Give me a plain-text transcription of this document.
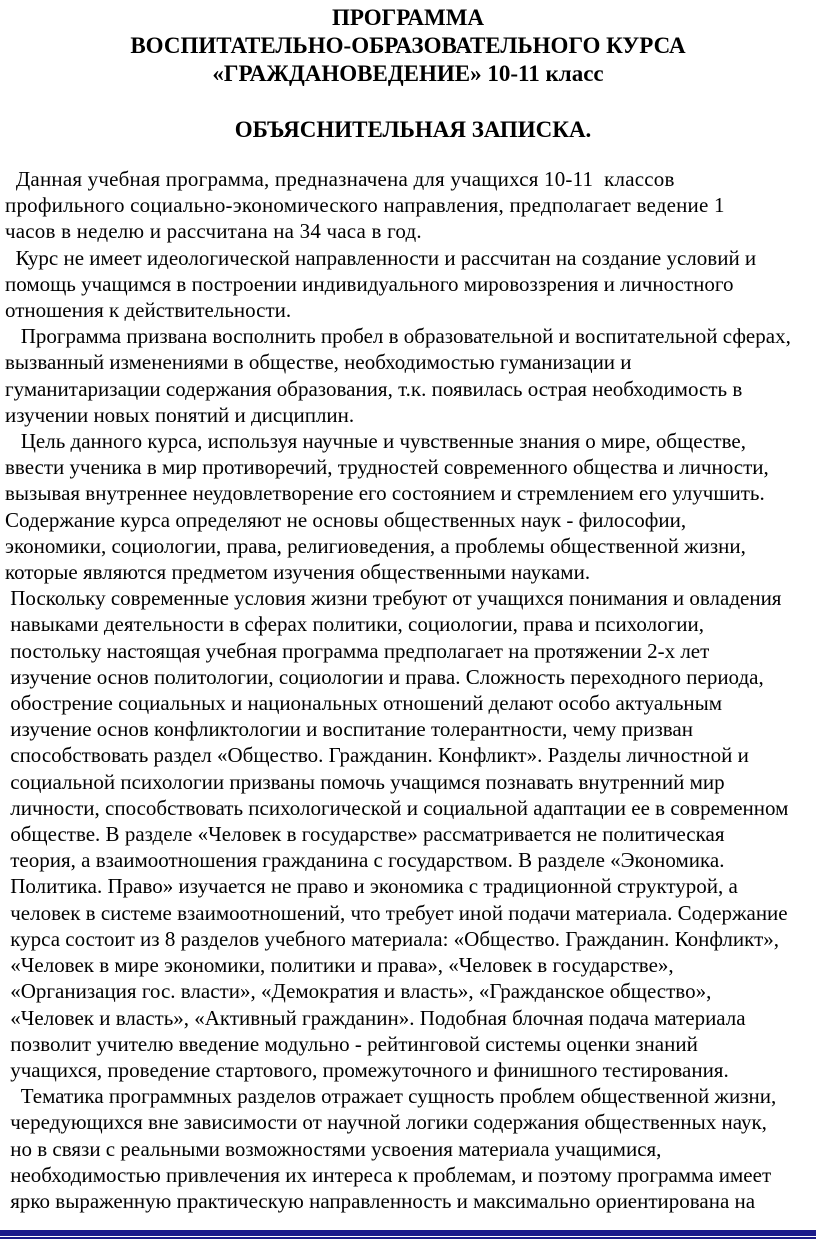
ПРОГРАММА
ВОСПИТАТЕЛЬНО-ОБРАЗОВАТЕЛЬНОГО КУРСА
«ГРАЖДАНОВЕДЕНИЕ» 10-11 класс
ОБЪЯСНИТЕЛЬНАЯ ЗАПИСКА.
Данная учебная программа, предназначена для учащихся 10-11  классов
профильного социально-экономического направления, предполагает ведение 1
часов в неделю и рассчитана на 34 часа в год.
Курс не имеет идеологической направленности и рассчитан на создание условий и
помощь учащимся в построении индивидуального мировоззрения и личностного
отношения к действительности.
Программа призвана восполнить пробел в образовательной и воспитательной сферах,
вызванный изменениями в обществе, необходимостью гуманизации и
гуманитаризации содержания образования, т.к. появилась острая необходимость в
изучении новых понятий и дисциплин.
Цель данного курса, используя научные и чувственные знания о мире, обществе,
ввести ученика в мир противоречий, трудностей современного общества и личности,
вызывая внутреннее неудовлетворение его состоянием и стремлением его улучшить.
Содержание курса определяют не основы общественных наук - философии,
экономики, социологии, права, религиоведения, а проблемы общественной жизни,
которые являются предметом изучения общественными науками.
Поскольку современные условия жизни требуют от учащихся понимания и овладения
навыками деятельности в сферах политики, социологии, права и психологии,
постольку настоящая учебная программа предполагает на протяжении 2-х лет
изучение основ политологии, социологии и права. Сложность переходного периода,
обострение социальных и национальных отношений делают особо актуальным
изучение основ конфликтологии и воспитание толерантности, чему призван
способствовать раздел «Общество. Гражданин. Конфликт». Разделы личностной и
социальной психологии призваны помочь учащимся познавать внутренний мир
личности, способствовать психологической и социальной адаптации ее в современном
обществе. В разделе «Человек в государстве» рассматривается не политическая
теория, а взаимоотношения гражданина с государством. В разделе «Экономика.
Политика. Право» изучается не право и экономика с традиционной структурой, а
человек в системе взаимоотношений, что требует иной подачи материала. Содержание
курса состоит из 8 разделов учебного материала: «Общество. Гражданин. Конфликт»,
«Человек в мире экономики, политики и права», «Человек в государстве»,
«Организация гос. власти», «Демократия и власть», «Гражданское общество»,
«Человек и власть», «Активный гражданин». Подобная блочная подача материала
позволит учителю введение модульно - рейтинговой системы оценки знаний
учащихся, проведение стартового, промежуточного и финишного тестирования.
Тематика программных разделов отражает сущность проблем общественной жизни,
чередующихся вне зависимости от научной логики содержания общественных наук,
но в связи с реальными возможностями усвоения материала учащимися,
необходимостью привлечения их интереса к проблемам, и поэтому программа имеет
ярко выраженную практическую направленность и максимально ориентирована на
